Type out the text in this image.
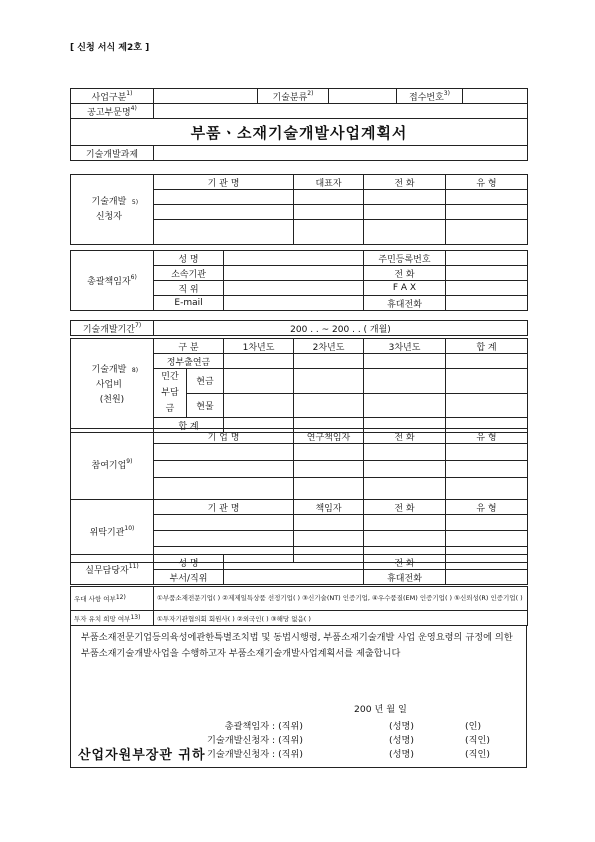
[ 신청 서식 제2호 ]
사업구분$^{1)}$		기술분류$^{2)}$		접수번호$^{3)}$	
공고부문명$^{4)}$	
부품ㆍ소재기술개발사업계획서					
기술개발과제					
기술개발 신청자$^{5)}$	기 관 명	대표자	전 화	유 형

총괄책임자$^{6)}$	성 명		주민등록번호	
	소속기관		전 화	
	직 위		F A X	
	E-mail		휴대전화	
기술개발기간$^{7)}$	200 . . ~ 200 . . ( 개월)
기술개발 사업비$^{8)}$
(천원)	구 분		1차년도	2차년도	3차년도	합 계
	정부출연금					
	민간 부담금	현금				
		현물				
	합 계					
참여기업$^{9)}$	기 업 명	연구책임자	전 화	유 형

위탁기관$^{10)}$	기 관 명	책임자	전 화	유 형

실무담당자$^{11)}$	성 명		전 화	
	부서/직위		휴대전화	
우대 사항 여부12)	①부품소재전문기업( ) ②제제일특상품 선정기업( ) ③신기술(NT) 인증기업, ④우수품질(EM) 인증기업( ) ⑤신뢰성(R) 인증기업( )
투자 유치 희망 여부13)	①투자기관협의회 회원사( ) ②외국인( ) ③해당 없음( )
부품소재전문기업등의육성에관한특별조치법 및 동법시행령, 부품소재기술개발 사업 운영요령의 규정에 의한 부품소재기술개발사업을 수행하고자 부품소재기술개발사업계획서를 제출합니다
200 년 월 일
총괄책임자 : (직위)	(성명)	(인)
기술개발신청자 : (직위)	(성명)	(직인)
기술개발신청자 : (직위)	(성명)	(직인)
산업자원부장관 귀하
